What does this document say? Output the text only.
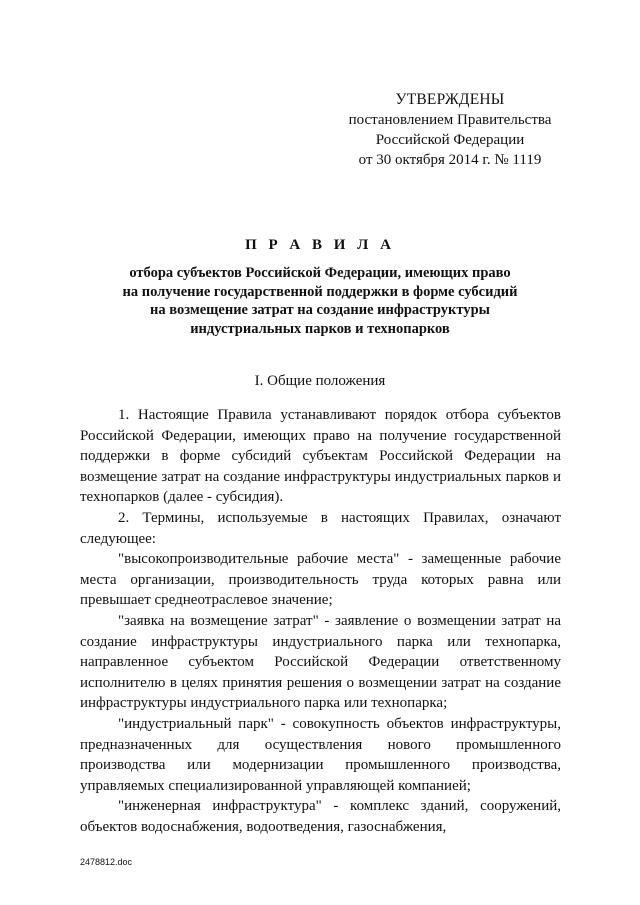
УТВЕРЖДЕНЫ
постановлением Правительства
Российской Федерации
от 30 октября 2014 г. № 1119
П Р А В И Л А
отбора субъектов Российской Федерации, имеющих право
на получение государственной поддержки в форме субсидий
на возмещение затрат на создание инфраструктуры
индустриальных парков и технопарков
I. Общие положения

1. Настоящие Правила устанавливают порядок отбора субъектов Российской Федерации, имеющих право на получение государственной поддержки в форме субсидий субъектам Российской Федерации на возмещение затрат на создание инфраструктуры индустриальных парков и технопарков (далее - субсидия).

2. Термины, используемые в настоящих Правилах, означают следующее:

"высокопроизводительные рабочие места" - замещенные рабочие места организации, производительность труда которых равна или превышает среднеотраслевое значение;

"заявка на возмещение затрат" - заявление о возмещении затрат на создание инфраструктуры индустриального парка или технопарка, направленное субъектом Российской Федерации ответственному исполнителю в целях принятия решения о возмещении затрат на создание инфраструктуры индустриального парка или технопарка;

"индустриальный парк" - совокупность объектов инфраструктуры, предназначенных для осуществления нового промышленного производства или модернизации промышленного производства, управляемых специализированной управляющей компанией;

"инженерная инфраструктура" - комплекс зданий, сооружений, объектов водоснабжения, водоотведения, газоснабжения,

2478812.doc
